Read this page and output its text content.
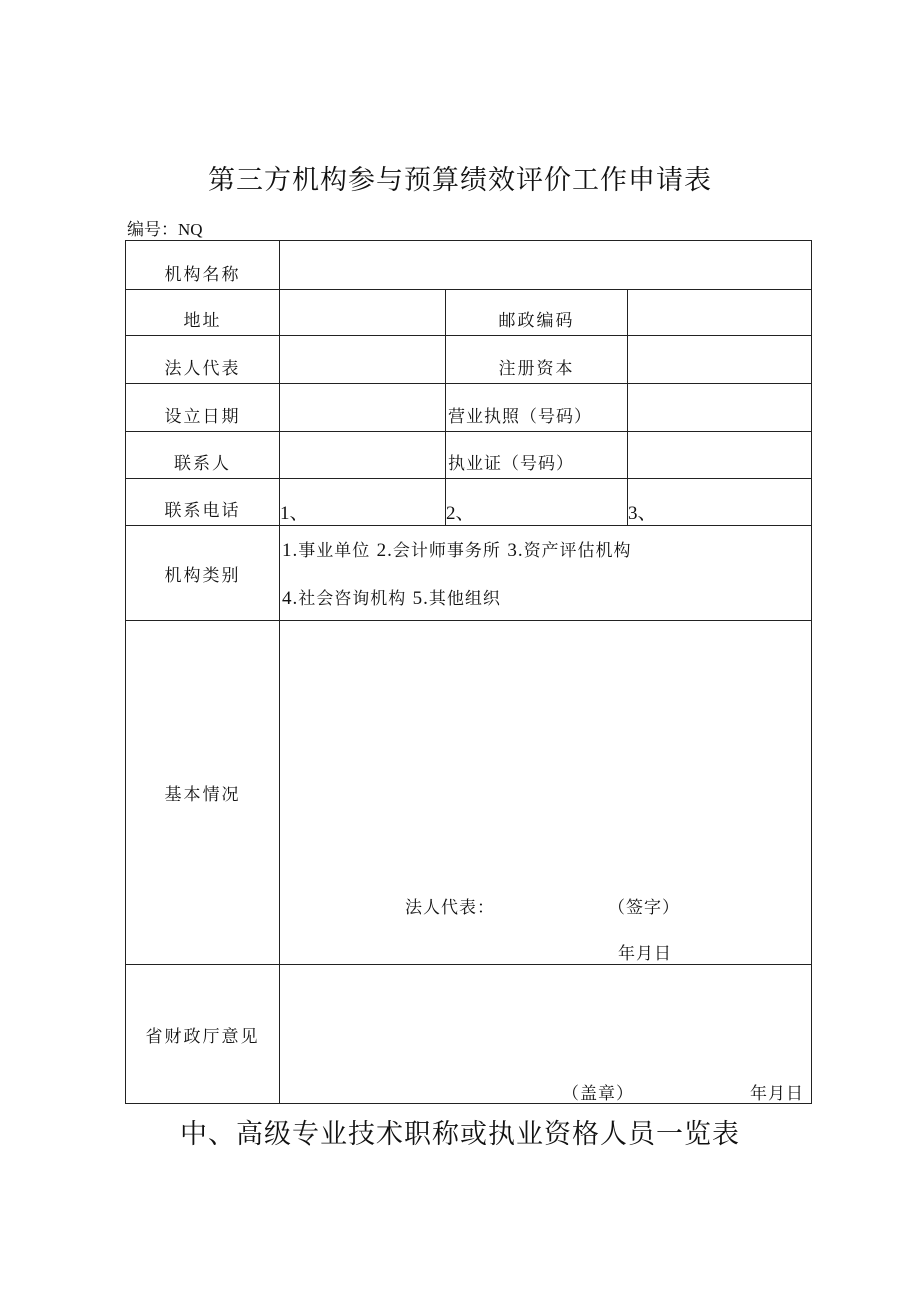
第三方机构参与预算绩效评价工作申请表
编号：NQ
机构名称			
地址		邮政编码	
法人代表		注册资本	
设立日期		营业执照（号码）	
联系人		执业证（号码）	
联系电话	1、	2、	3、
机构类别	1.事业单位 2.会计师事务所 3.资产评估机构
4.社会咨询机构 5.其他组织		

基本情况	法人代表： （签字）
年月日		

省财政厅意见	（盖章） 年月日		
中、高级专业技术职称或执业资格人员一览表
